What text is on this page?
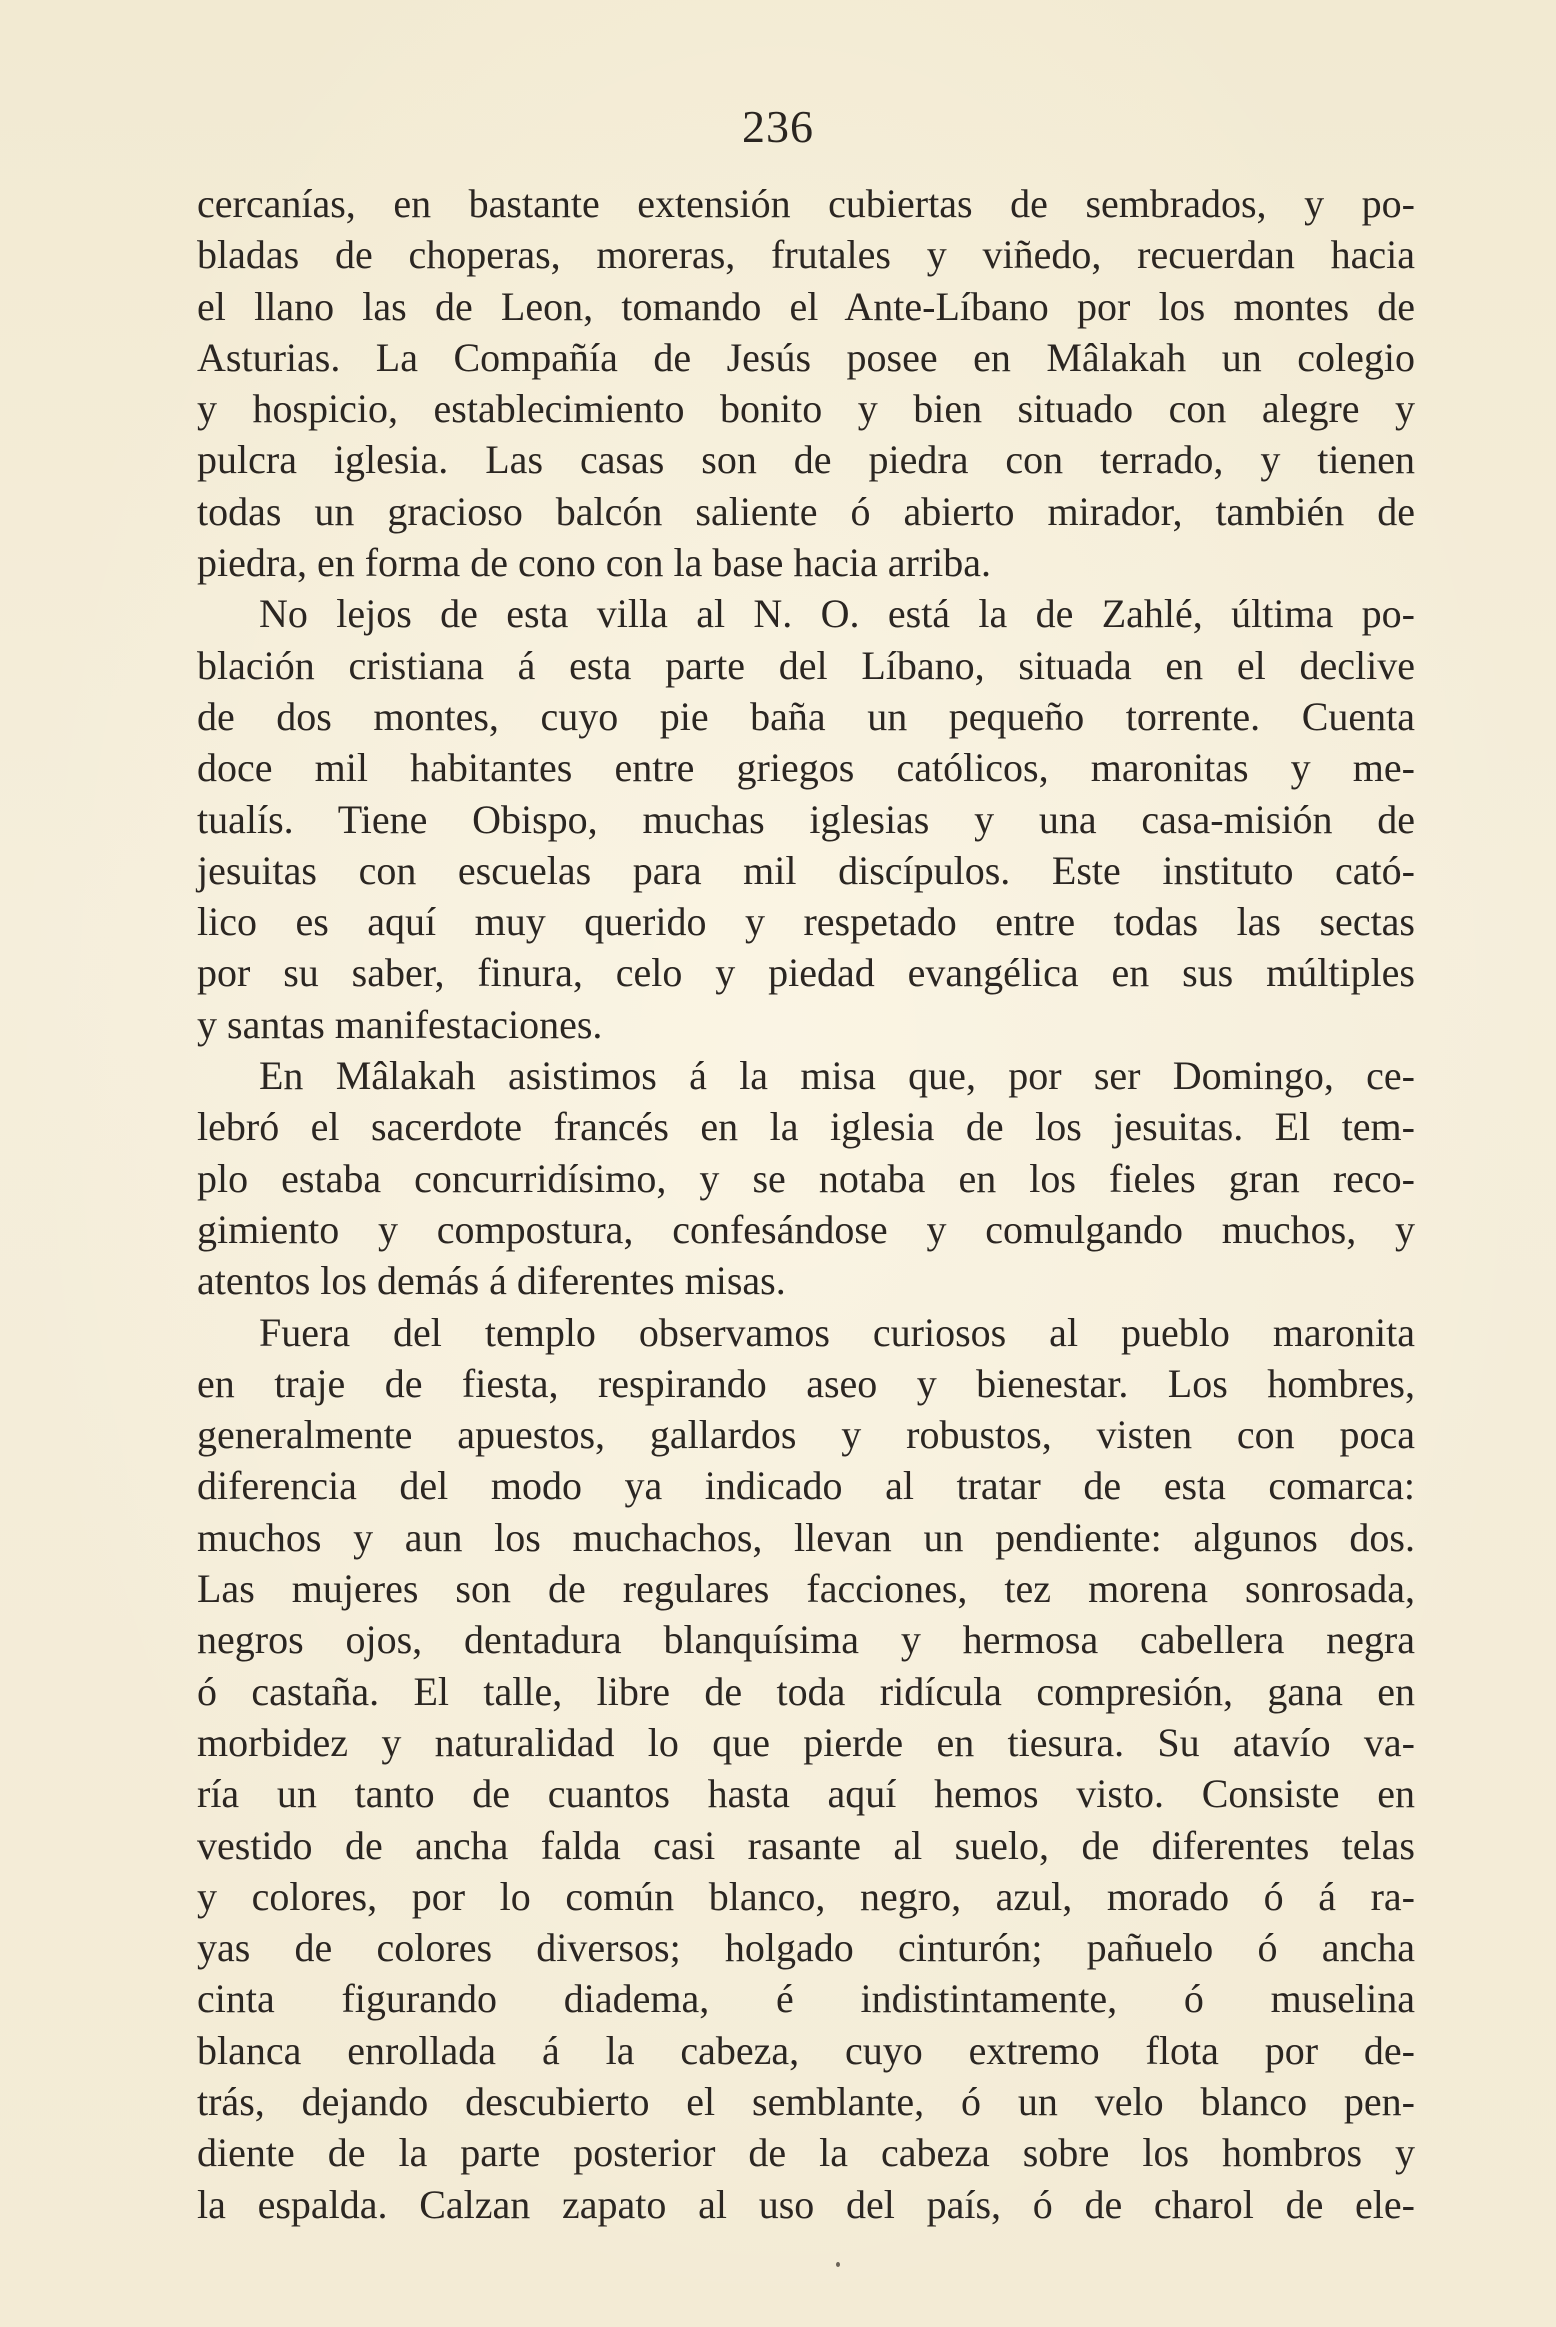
236
cercanías, en bastante extensión cubiertas de sembrados, y po-
bladas de choperas, moreras, frutales y viñedo, recuerdan hacia
el llano las de Leon, tomando el Ante-Líbano por los montes de
Asturias. La Compañía de Jesús posee en Mâlakah un colegio
y hospicio, establecimiento bonito y bien situado con alegre y
pulcra iglesia. Las casas son de piedra con terrado, y tienen
todas un gracioso balcón saliente ó abierto mirador, también de
piedra, en forma de cono con la base hacia arriba.
No lejos de esta villa al N. O. está la de Zahlé, última po-
blación cristiana á esta parte del Líbano, situada en el declive
de dos montes, cuyo pie baña un pequeño torrente. Cuenta
doce mil habitantes entre griegos católicos, maronitas y me-
tualís. Tiene Obispo, muchas iglesias y una casa-misión de
jesuitas con escuelas para mil discípulos. Este instituto cató-
lico es aquí muy querido y respetado entre todas las sectas
por su saber, finura, celo y piedad evangélica en sus múltiples
y santas manifestaciones.
En Mâlakah asistimos á la misa que, por ser Domingo, ce-
lebró el sacerdote francés en la iglesia de los jesuitas. El tem-
plo estaba concurridísimo, y se notaba en los fieles gran reco-
gimiento y compostura, confesándose y comulgando muchos, y
atentos los demás á diferentes misas.
Fuera del templo observamos curiosos al pueblo maronita
en traje de fiesta, respirando aseo y bienestar. Los hombres,
generalmente apuestos, gallardos y robustos, visten con poca
diferencia del modo ya indicado al tratar de esta comarca:
muchos y aun los muchachos, llevan un pendiente: algunos dos.
Las mujeres son de regulares facciones, tez morena sonrosada,
negros ojos, dentadura blanquísima y hermosa cabellera negra
ó castaña. El talle, libre de toda ridícula compresión, gana en
morbidez y naturalidad lo que pierde en tiesura. Su atavío va-
ría un tanto de cuantos hasta aquí hemos visto. Consiste en
vestido de ancha falda casi rasante al suelo, de diferentes telas
y colores, por lo común blanco, negro, azul, morado ó á ra-
yas de colores diversos; holgado cinturón; pañuelo ó ancha
cinta figurando diadema, é indistintamente, ó muselina
blanca enrollada á la cabeza, cuyo extremo flota por de-
trás, dejando descubierto el semblante, ó un velo blanco pen-
diente de la parte posterior de la cabeza sobre los hombros y
la espalda. Calzan zapato al uso del país, ó de charol de ele-
